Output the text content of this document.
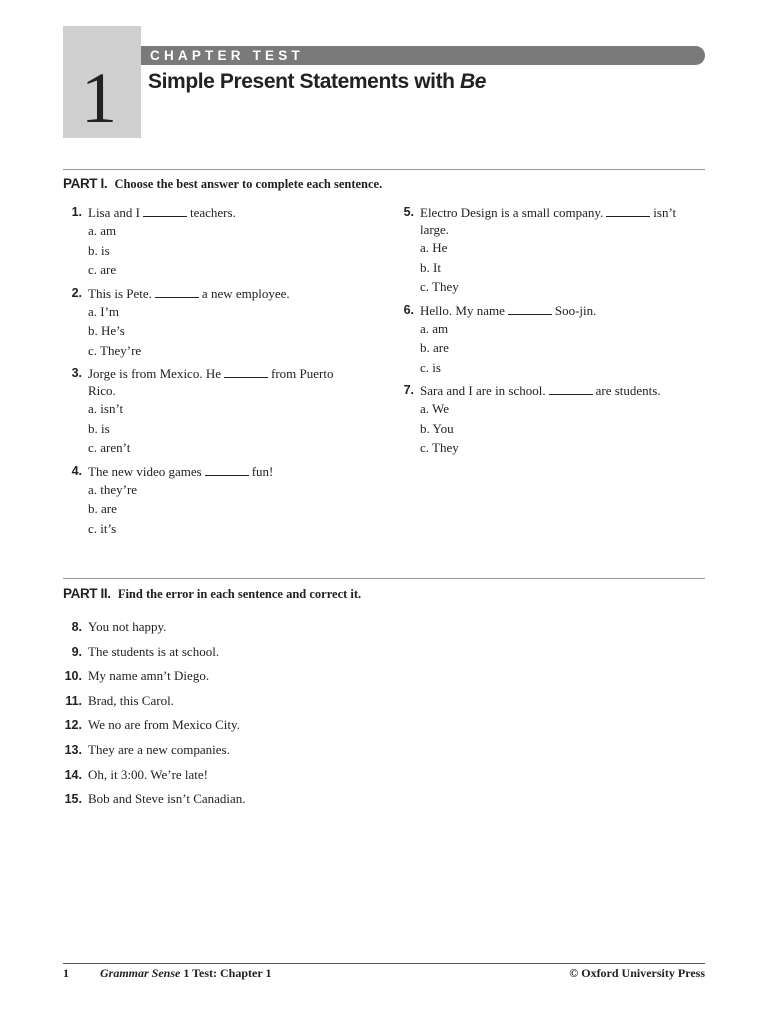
1
CHAPTER TEST
Simple Present Statements with Be
PART I. Choose the best answer to complete each sentence.
1. Lisa and I	teachers.
a. am
b. is
c. are
2. This is Pete.	a new employee.
a. I’m
b. He’s
c. They’re
3. Jorge is from Mexico. He	from Puerto Rico.
a. isn’t
b. is
c. aren’t
4. The new video games	fun!
a. they’re
b. are
c. it’s
5. Electro Design is a small company.	isn’t large.
a. He
b. It
c. They
6. Hello. My name	Soo-jin.
a. am
b. are
c. is
7. Sara and I are in school.	are students.
a. We
b. You
c. They
PART II. Find the error in each sentence and correct it.
8. You not happy.
9. The students is at school.
10. My name amn’t Diego.
11. Brad, this Carol.
12. We no are from Mexico City.
13. They are a new companies.
14. Oh, it 3:00. We’re late!
15. Bob and Steve isn’t Canadian.
1	Grammar Sense 1 Test: Chapter 1	© Oxford University Press
